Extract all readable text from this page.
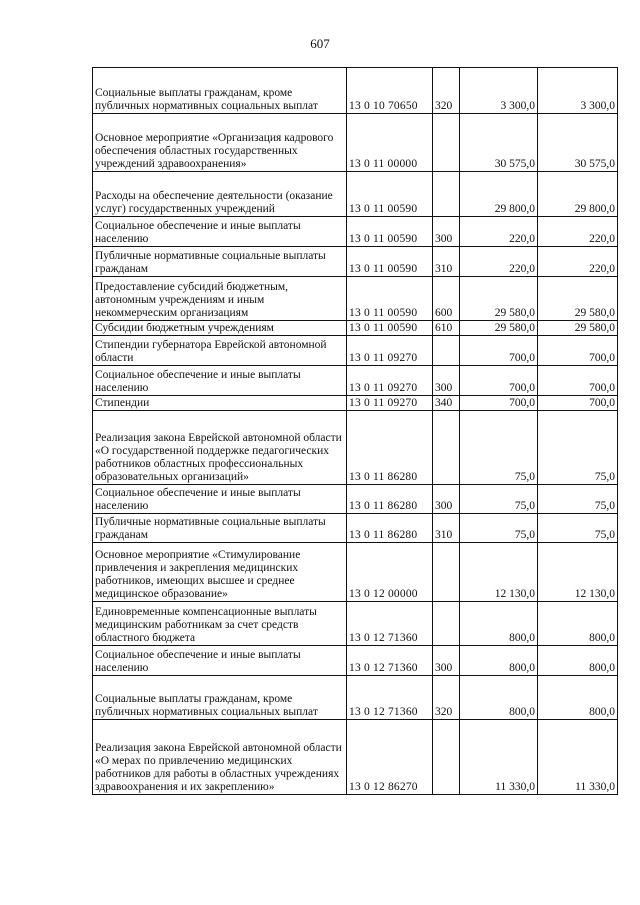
607
Социальные выплаты гражданам, кроме публичных нормативных социальных выплат	13 0 10 70650	320	3 300,0	3 300,0
Основное мероприятие «Организация кадрового обеспечения областных государственных учреждений здравоохранения»	13 0 11 00000		30 575,0	30 575,0
Расходы на обеспечение деятельности (оказание услуг) государственных учреждений	13 0 11 00590		29 800,0	29 800,0
Социальное обеспечение и иные выплаты населению	13 0 11 00590	300	220,0	220,0
Публичные нормативные социальные выплаты гражданам	13 0 11 00590	310	220,0	220,0
Предоставление субсидий бюджетным, автономным учреждениям и иным некоммерческим организациям	13 0 11 00590	600	29 580,0	29 580,0
Субсидии бюджетным учреждениям	13 0 11 00590	610	29 580,0	29 580,0
Стипендии губернатора Еврейской автономной области	13 0 11 09270		700,0	700,0
Социальное обеспечение и иные выплаты населению	13 0 11 09270	300	700,0	700,0
Стипендии	13 0 11 09270	340	700,0	700,0
Реализация закона Еврейской автономной области «О государственной поддержке педагогических работников областных профессиональных образовательных организаций»	13 0 11 86280		75,0	75,0
Социальное обеспечение и иные выплаты населению	13 0 11 86280	300	75,0	75,0
Публичные нормативные социальные выплаты гражданам	13 0 11 86280	310	75,0	75,0
Основное мероприятие «Стимулирование привлечения и закрепления медицинских работников, имеющих высшее и среднее медицинское образование»	13 0 12 00000		12 130,0	12 130,0
Единовременные компенсационные выплаты медицинским работникам за счет средств областного бюджета	13 0 12 71360		800,0	800,0
Социальное обеспечение и иные выплаты населению	13 0 12 71360	300	800,0	800,0
Социальные выплаты гражданам, кроме публичных нормативных социальных выплат	13 0 12 71360	320	800,0	800,0
Реализация закона Еврейской автономной области «О мерах по привлечению медицинских работников для работы в областных учреждениях здравоохранения и их закреплению»	13 0 12 86270		11 330,0	11 330,0
